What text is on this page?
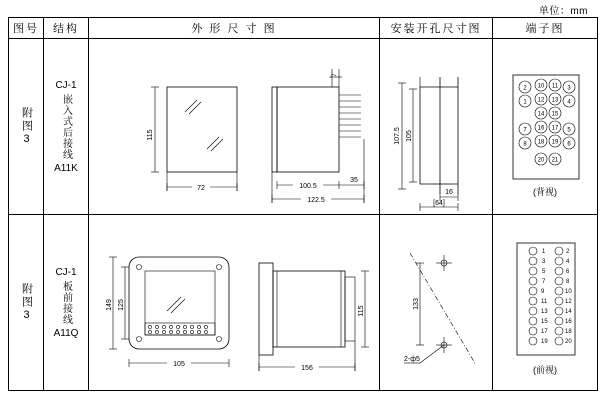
单位：mm
图号	结构	外 形 尺 寸 图	安装开孔尺寸图	端子图

附图3

CJ-1
嵌入式后接线
A11K

115
72
7
100.5
35
122.5

107.5 105
16
[64]

2 10 11 3
1 12 13 4
14 15
7 16 17 5
8 18 19 6
20 21
(背视)

附图3

CJ-1
板前接线
A11Q

149 125
105
115
156

133
2-ф5

1	2
3	4
5	6
7	8
9	10
11	12
13	14
15	16
17	18
19	20
(前视)
